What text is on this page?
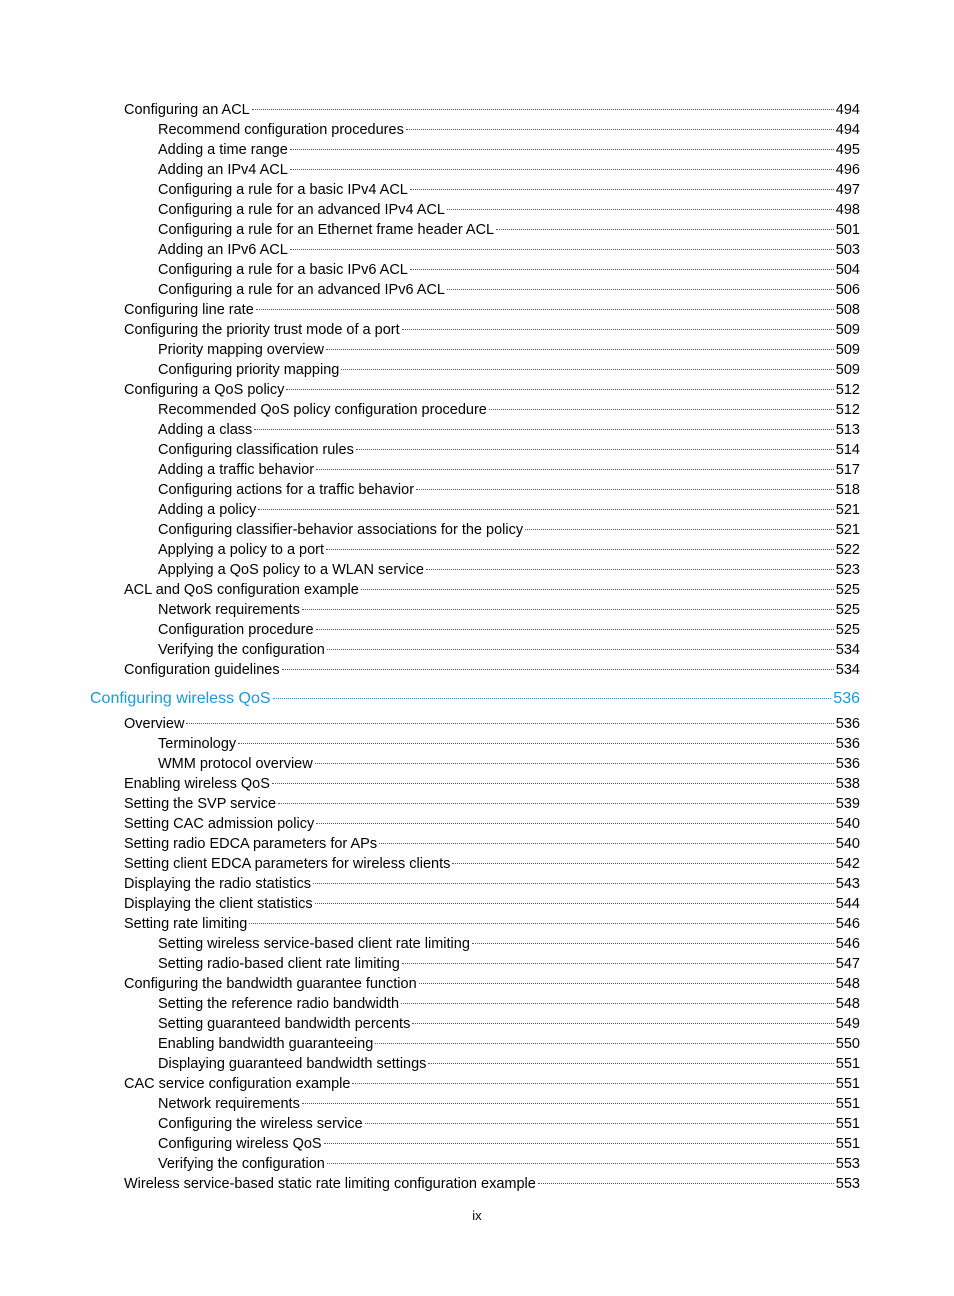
Configuring an ACL	494
Recommend configuration procedures	494
Adding a time range	495
Adding an IPv4 ACL	496
Configuring a rule for a basic IPv4 ACL	497
Configuring a rule for an advanced IPv4 ACL	498
Configuring a rule for an Ethernet frame header ACL	501
Adding an IPv6 ACL	503
Configuring a rule for a basic IPv6 ACL	504
Configuring a rule for an advanced IPv6 ACL	506
Configuring line rate	508
Configuring the priority trust mode of a port	509
Priority mapping overview	509
Configuring priority mapping	509
Configuring a QoS policy	512
Recommended QoS policy configuration procedure	512
Adding a class	513
Configuring classification rules	514
Adding a traffic behavior	517
Configuring actions for a traffic behavior	518
Adding a policy	521
Configuring classifier-behavior associations for the policy	521
Applying a policy to a port	522
Applying a QoS policy to a WLAN service	523
ACL and QoS configuration example	525
Network requirements	525
Configuration procedure	525
Verifying the configuration	534
Configuration guidelines	534
Configuring wireless QoS	536
Overview	536
Terminology	536
WMM protocol overview	536
Enabling wireless QoS	538
Setting the SVP service	539
Setting CAC admission policy	540
Setting radio EDCA parameters for APs	540
Setting client EDCA parameters for wireless clients	542
Displaying the radio statistics	543
Displaying the client statistics	544
Setting rate limiting	546
Setting wireless service-based client rate limiting	546
Setting radio-based client rate limiting	547
Configuring the bandwidth guarantee function	548
Setting the reference radio bandwidth	548
Setting guaranteed bandwidth percents	549
Enabling bandwidth guaranteeing	550
Displaying guaranteed bandwidth settings	551
CAC service configuration example	551
Network requirements	551
Configuring the wireless service	551
Configuring wireless QoS	551
Verifying the configuration	553
Wireless service-based static rate limiting configuration example	553
ix
